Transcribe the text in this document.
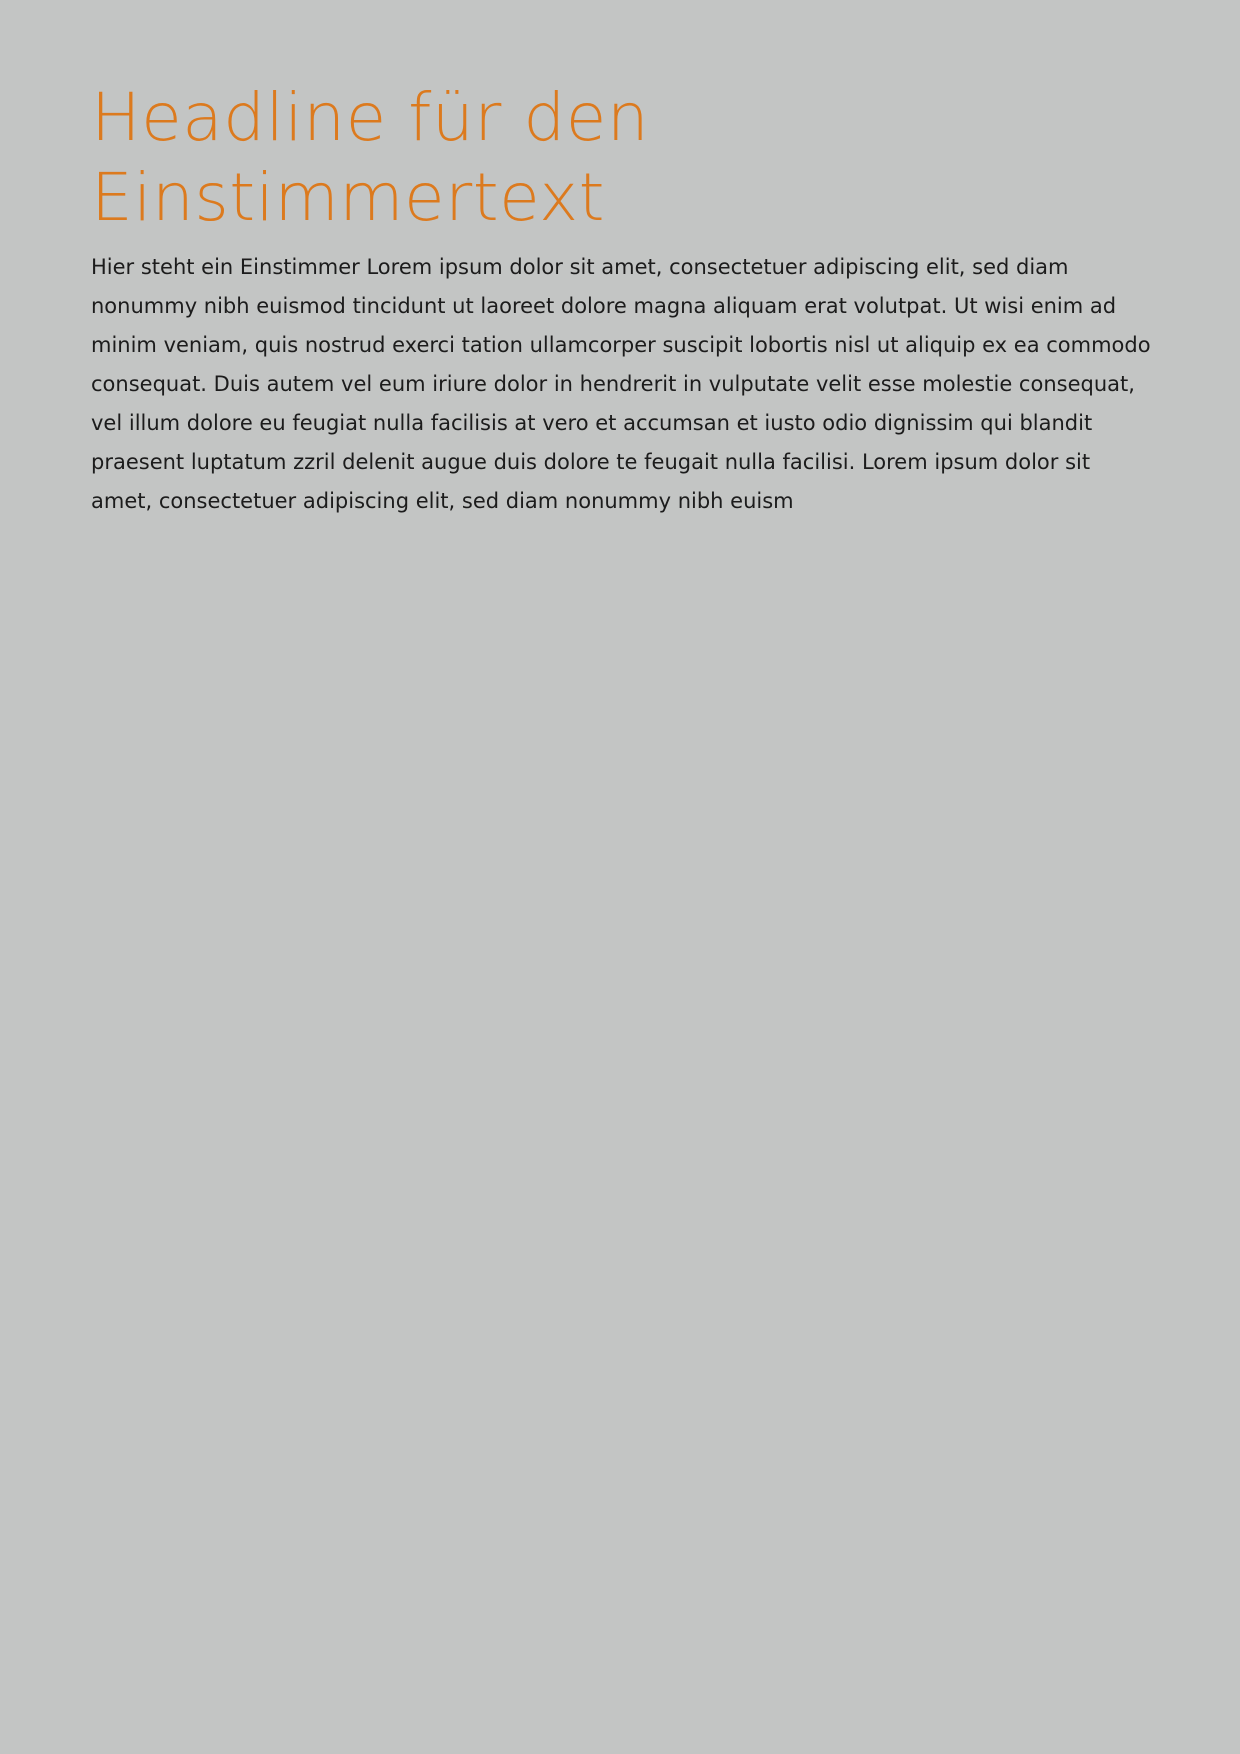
Headline für den
Einstimmertext

Hier steht ein Einstimmer Lorem ipsum dolor sit amet, consectetuer adipiscing elit, sed diam nonummy nibh euismod tincidunt ut laoreet dolore magna aliquam erat volutpat. Ut wisi enim ad minim veniam, quis nostrud exerci tation ullamcorper suscipit lobortis nisl ut aliquip ex ea commodo consequat. Duis autem vel eum iriure dolor in hendrerit in vulputate velit esse molestie consequat, vel illum dolore eu feugiat nulla facilisis at vero et accumsan et iusto odio dignissim qui blandit praesent luptatum zzril delenit augue duis dolore te feugait nulla facilisi. Lorem ipsum dolor sit amet, consectetuer adipiscing elit, sed diam nonummy nibh euism
